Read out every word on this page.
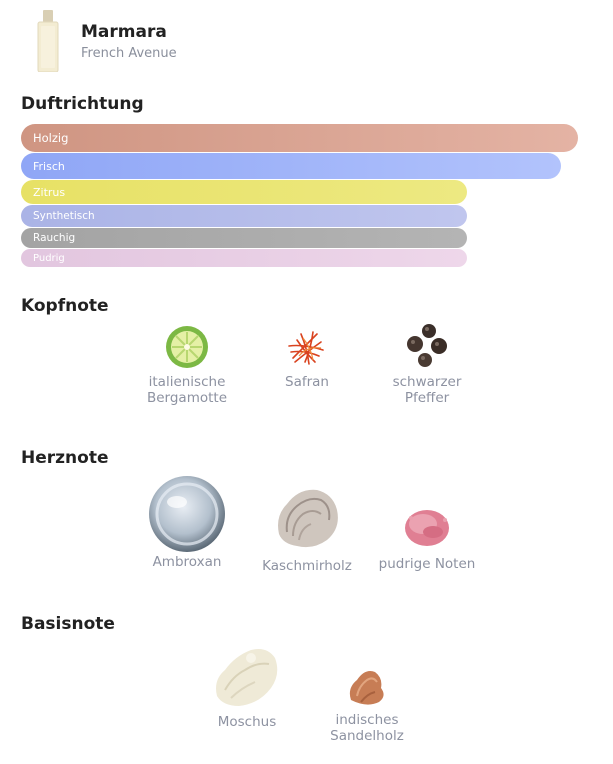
Marmara
French Avenue
Duftrichtung
Holzig
Frisch
Zitrus
Synthetisch
Rauchig
Pudrig
Kopfnote
italienische
Bergamotte
Safran	schwarzer
Pfeffer
Herznote
Ambroxan	Kaschmirholz	pudrige Noten
Basisnote
Moschus	indisches
Sandelholz
